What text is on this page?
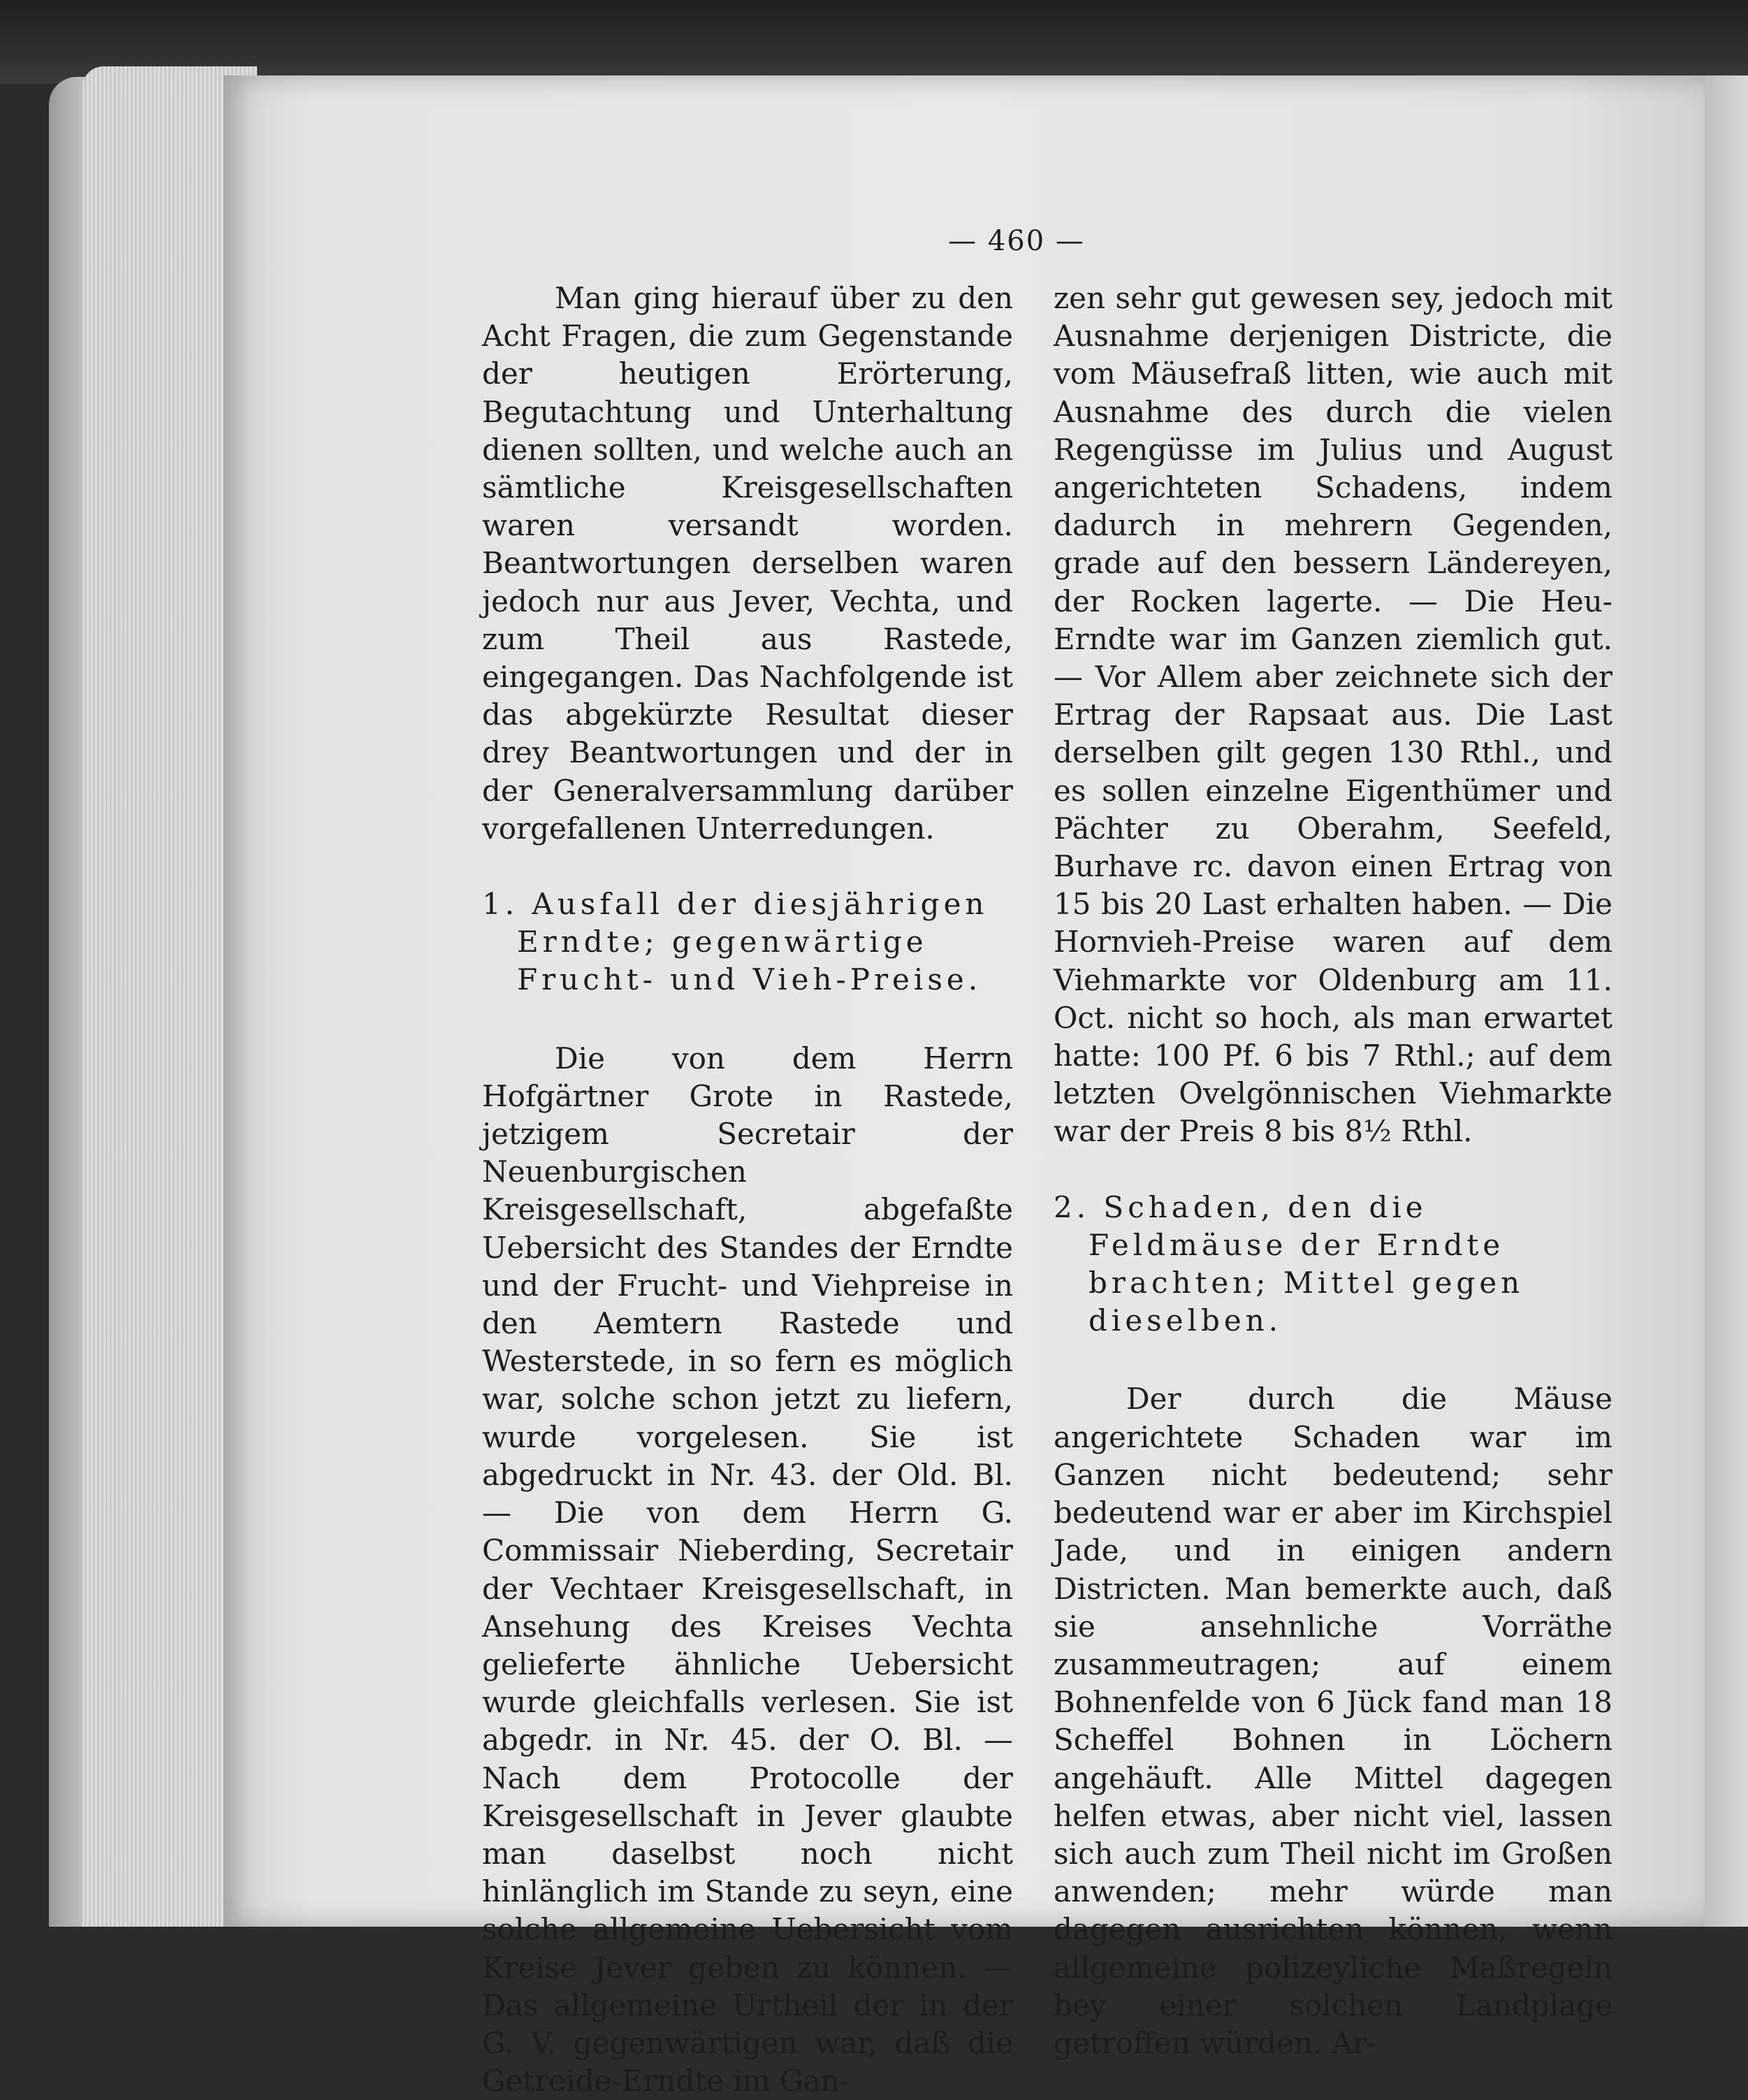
— 460 —

Man ging hierauf über zu den Acht Fragen, die zum Gegenstande der heutigen Erörterung, Begutachtung und Unterhaltung dienen sollten, und welche auch an sämtliche Kreisgesellschaften waren versandt worden. Beantwortungen derselben waren jedoch nur aus Jever, Vechta, und zum Theil aus Rastede, eingegangen. Das Nachfolgende ist das abgekürzte Resultat dieser drey Beantwortungen und der in der Generalversammlung darüber vorgefallenen Unterredungen.

1. Ausfall der diesjährigen Erndte; gegenwärtige Frucht- und Vieh-Preise.

Die von dem Herrn Hofgärtner Grote in Rastede, jetzigem Secretair der Neuenburgischen Kreisgesellschaft, abgefaßte Uebersicht des Standes der Erndte und der Frucht- und Viehpreise in den Aemtern Rastede und Westerstede, in so fern es möglich war, solche schon jetzt zu liefern, wurde vorgelesen. Sie ist abgedruckt in Nr. 43. der Old. Bl. — Die von dem Herrn G. Commissair Nieberding, Secretair der Vechtaer Kreisgesellschaft, in Ansehung des Kreises Vechta gelieferte ähnliche Uebersicht wurde gleichfalls verlesen. Sie ist abgedr. in Nr. 45. der O. Bl. — Nach dem Protocolle der Kreisgesellschaft in Jever glaubte man daselbst noch nicht hinlänglich im Stande zu seyn, eine solche allgemeine Uebersicht vom Kreise Jever geben zu können. — Das allgemeine Urtheil der in der G. V. gegenwärtigen war, daß die Getreide-Erndte im Gan-

zen sehr gut gewesen sey, jedoch mit Ausnahme derjenigen Districte, die vom Mäusefraß litten, wie auch mit Ausnahme des durch die vielen Regengüsse im Julius und August angerichteten Schadens, indem dadurch in mehrern Gegenden, grade auf den bessern Ländereyen, der Rocken lagerte. — Die Heu-Erndte war im Ganzen ziemlich gut. — Vor Allem aber zeichnete sich der Ertrag der Rapsaat aus. Die Last derselben gilt gegen 130 Rthl., und es sollen einzelne Eigenthümer und Pächter zu Oberahm, Seefeld, Burhave rc. davon einen Ertrag von 15 bis 20 Last erhalten haben. — Die Hornvieh-Preise waren auf dem Viehmarkte vor Oldenburg am 11. Oct. nicht so hoch, als man erwartet hatte: 100 Pf. 6 bis 7 Rthl.; auf dem letzten Ovelgönnischen Viehmarkte war der Preis 8 bis 8½ Rthl.

2. Schaden, den die Feldmäuse der Erndte brachten; Mittel gegen dieselben.

Der durch die Mäuse angerichtete Schaden war im Ganzen nicht bedeutend; sehr bedeutend war er aber im Kirchspiel Jade, und in einigen andern Districten. Man bemerkte auch, daß sie ansehnliche Vorräthe zusammeutragen; auf einem Bohnenfelde von 6 Jück fand man 18 Scheffel Bohnen in Löchern angehäuft. Alle Mittel dagegen helfen etwas, aber nicht viel, lassen sich auch zum Theil nicht im Großen anwenden; mehr würde man dagegen ausrichten können, wenn allgemeine polizeyliche Maßregeln bey einer solchen Landplage getroffen würden. Ar-
